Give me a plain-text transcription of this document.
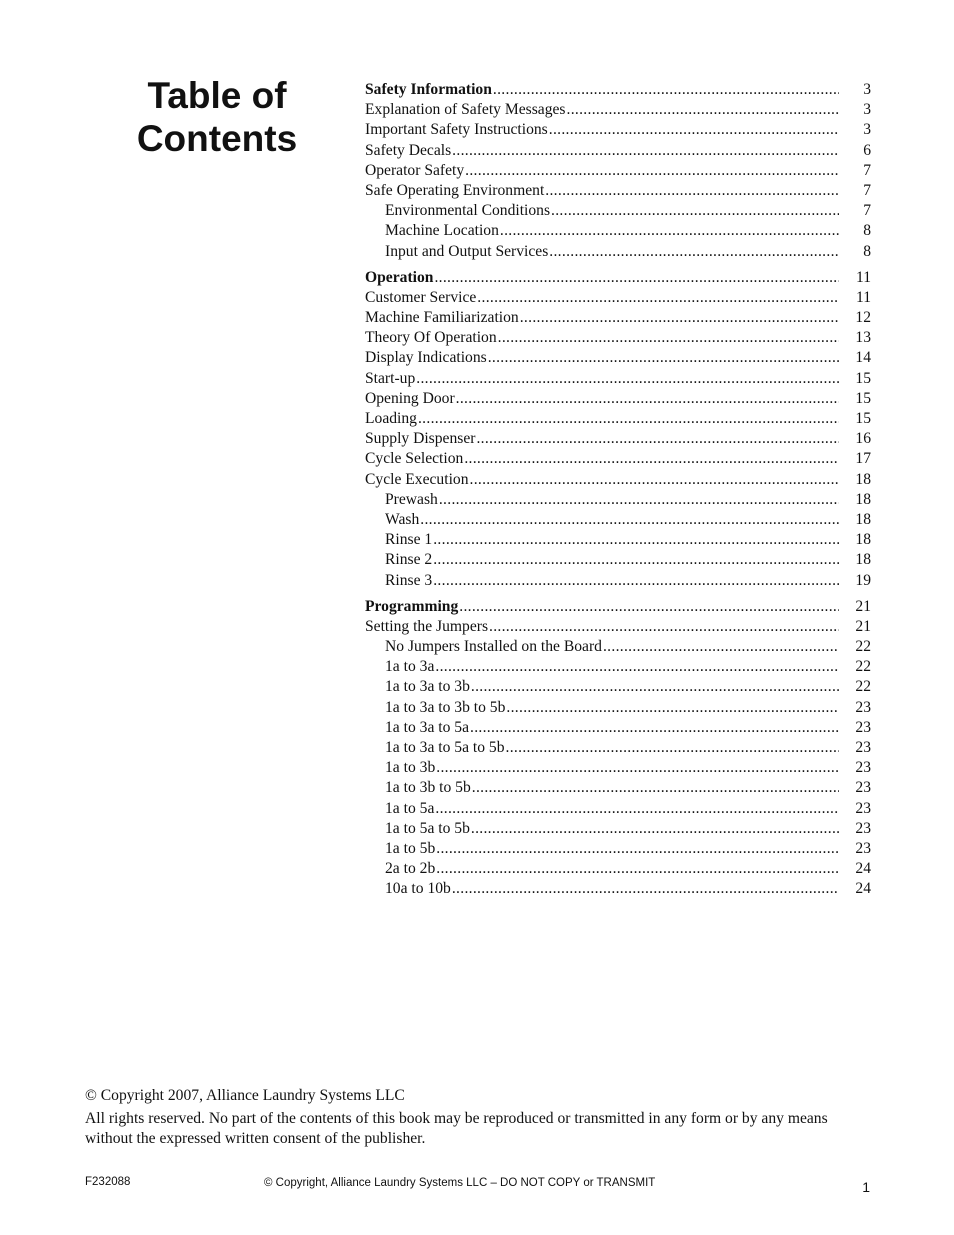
Table of
Contents
Safety Information .....	3
Explanation of Safety Messages .....	3
Important Safety Instructions .....	3
Safety Decals .....	6
Operator Safety .....	7
Safe Operating Environment .....	7
Environmental Conditions .....	7
Machine Location .....	8
Input and Output Services .....	8
Operation .....	11
Customer Service .....	11
Machine Familiarization .....	12
Theory Of Operation .....	13
Display Indications .....	14
Start-up .....	15
Opening Door .....	15
Loading .....	15
Supply Dispenser .....	16
Cycle Selection .....	17
Cycle Execution .....	18
Prewash .....	18
Wash .....	18
Rinse 1 .....	18
Rinse 2 .....	18
Rinse 3 .....	19
Programming .....	21
Setting the Jumpers .....	21
No Jumpers Installed on the Board .....	22
1a to 3a .....	22
1a to 3a to 3b .....	22
1a to 3a to 3b to 5b .....	23
1a to 3a to 5a .....	23
1a to 3a to 5a to 5b .....	23
1a to 3b .....	23
1a to 3b to 5b .....	23
1a to 5a .....	23
1a to 5a to 5b .....	23
1a to 5b .....	23
2a to 2b .....	24
10a to 10b .....	24
© Copyright 2007, Alliance Laundry Systems LLC
All rights reserved. No part of the contents of this book may be reproduced or transmitted in any form or by any means without the expressed written consent of the publisher.
F232088	© Copyright, Alliance Laundry Systems LLC – DO NOT COPY or TRANSMIT	1
